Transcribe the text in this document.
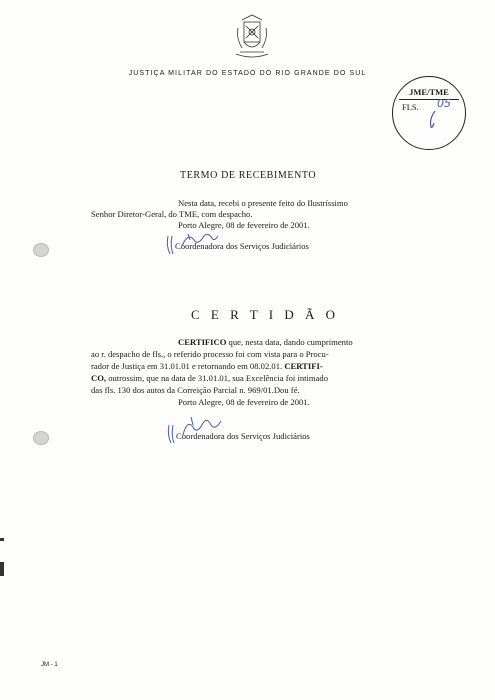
JUSTIÇA MILITAR DO ESTADO DO RIO GRANDE DO SUL
JME/TME
FLS. 05
TERMO DE RECEBIMENTO
Nesta data, recebi o presente feito do Ilustríssimo
Senhor Diretor-Geral, do TME, com despacho.
Porto Alegre, 08 de fevereiro de 2001.
Coordenadora dos Serviços Judiciários
C E R T I D Ã O
CERTIFICO que, nesta data, dando cumprimento
ao r. despacho de fls., o referido processo foi com vista para o Procu-
rador de Justiça em 31.01.01 e retornando em 08.02.01. CERTIFI-
CO, outrossim, que na data de 31.01.01, sua Excelência foi intimado
das fls. 130 dos autos da Correição Parcial n. 969/01.Dou fé.
Porto Alegre, 08 de fevereiro de 2001.
Coordenadora dos Serviços Judiciários
JM - 1
